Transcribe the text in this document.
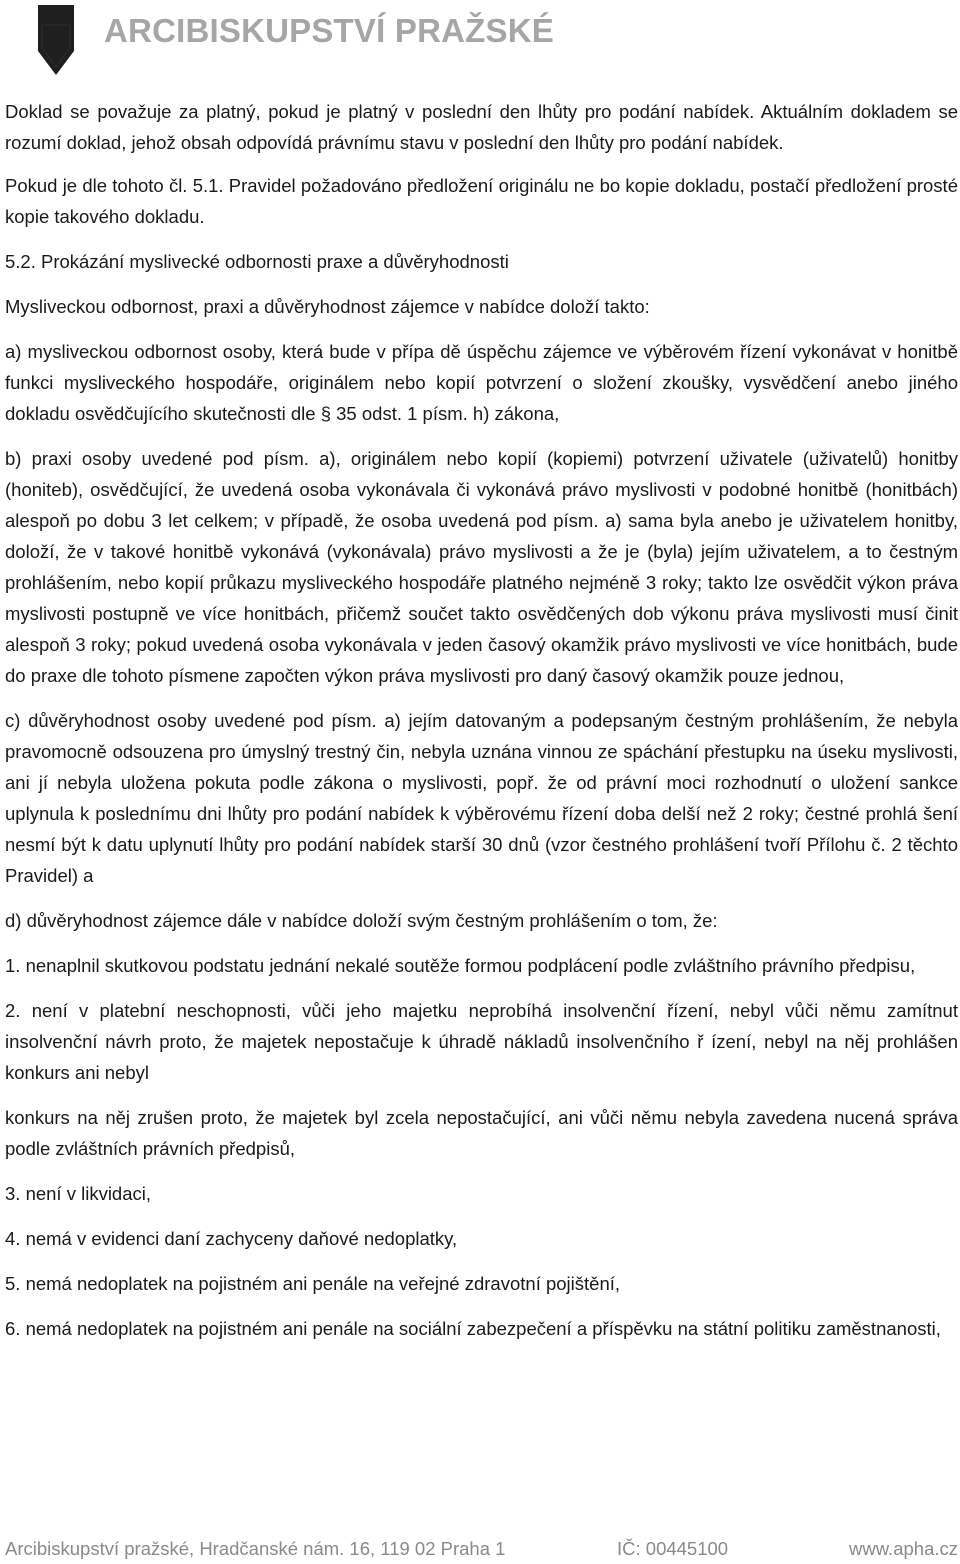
ARCIBISKUPSTVÍ PRAŽSKÉ

Doklad se považuje za platný, pokud je platný v poslední den lhůty pro podání nabídek. Aktuálním dokladem se rozumí doklad, jehož obsah odpovídá právnímu stavu v poslední den lhůty pro podání nabídek.

Pokud je dle tohoto čl. 5.1. Pravidel požadováno předložení originálu ne bo kopie dokladu, postačí předložení prosté kopie takového dokladu.

5.2. Prokázání myslivecké odbornosti praxe a důvěryhodnosti

Mysliveckou odbornost, praxi a důvěryhodnost zájemce v nabídce doloží takto:

a) mysliveckou odbornost osoby, která bude v přípa dě úspěchu zájemce ve výběrovém řízení vykonávat v honitbě funkci mysliveckého hospodáře, originálem nebo kopií potvrzení o složení zkoušky, vysvědčení anebo jiného dokladu osvědčujícího skutečnosti dle § 35 odst. 1 písm. h) zákona,

b) praxi osoby uvedené pod písm. a), originálem nebo kopií (kopiemi) potvrzení uživatele (uživatelů) honitby (honiteb), osvědčující, že uvedená osoba vykonávala či vykonává právo myslivosti v podobné honitbě (honitbách) alespoň po dobu 3 let celkem; v případě, že osoba uvedená pod písm. a) sama byla anebo je uživatelem honitby, doloží, že v takové honitbě vykonává (vykonávala) právo myslivosti a že je (byla) jejím uživatelem, a to čestným prohlášením, nebo kopií průkazu mysliveckého hospodáře platného nejméně 3 roky; takto lze osvědčit výkon práva myslivosti postupně ve více honitbách, přičemž součet takto osvědčených dob výkonu práva myslivosti musí činit alespoň 3 roky; pokud uvedená osoba vykonávala v jeden časový okamžik právo myslivosti ve více honitbách, bude do praxe dle tohoto písmene započten výkon práva myslivosti pro daný časový okamžik pouze jednou,

c) důvěryhodnost osoby uvedené pod písm. a) jejím datovaným a podepsaným čestným prohlášením, že nebyla pravomocně odsouzena pro úmyslný trestný čin, nebyla uznána vinnou ze spáchání přestupku na úseku myslivosti, ani jí nebyla uložena pokuta podle zákona o myslivosti, popř. že od právní moci rozhodnutí o uložení sankce uplynula k poslednímu dni lhůty pro podání nabídek k výběrovému řízení doba delší než 2 roky; čestné prohlá šení nesmí být k datu uplynutí lhůty pro podání nabídek starší 30 dnů (vzor čestného prohlášení tvoří Přílohu č. 2 těchto Pravidel) a

d) důvěryhodnost zájemce dále v nabídce doloží svým čestným prohlášením o tom, že:

1. nenaplnil skutkovou podstatu jednání nekalé soutěže formou podplácení podle zvláštního právního předpisu,

2. není v platební neschopnosti, vůči jeho majetku neprobíhá insolvenční řízení, nebyl vůči němu zamítnut insolvenční návrh proto, že majetek nepostačuje k úhradě nákladů insolvenčního ř ízení, nebyl na něj prohlášen konkurs ani nebyl

konkurs na něj zrušen proto, že majetek byl zcela nepostačující, ani vůči němu nebyla zavedena nucená správa podle zvláštních právních předpisů,

3. není v likvidaci,

4. nemá v evidenci daní zachyceny daňové nedoplatky,

5. nemá nedoplatek na pojistném ani penále na veřejné zdravotní pojištění,

6. nemá nedoplatek na pojistném ani penále na sociální zabezpečení a příspěvku na státní politiku zaměstnanosti,

Arcibiskupství pražské, Hradčanské nám. 16, 119 02 Praha 1	IČ: 00445100	www.apha.cz
